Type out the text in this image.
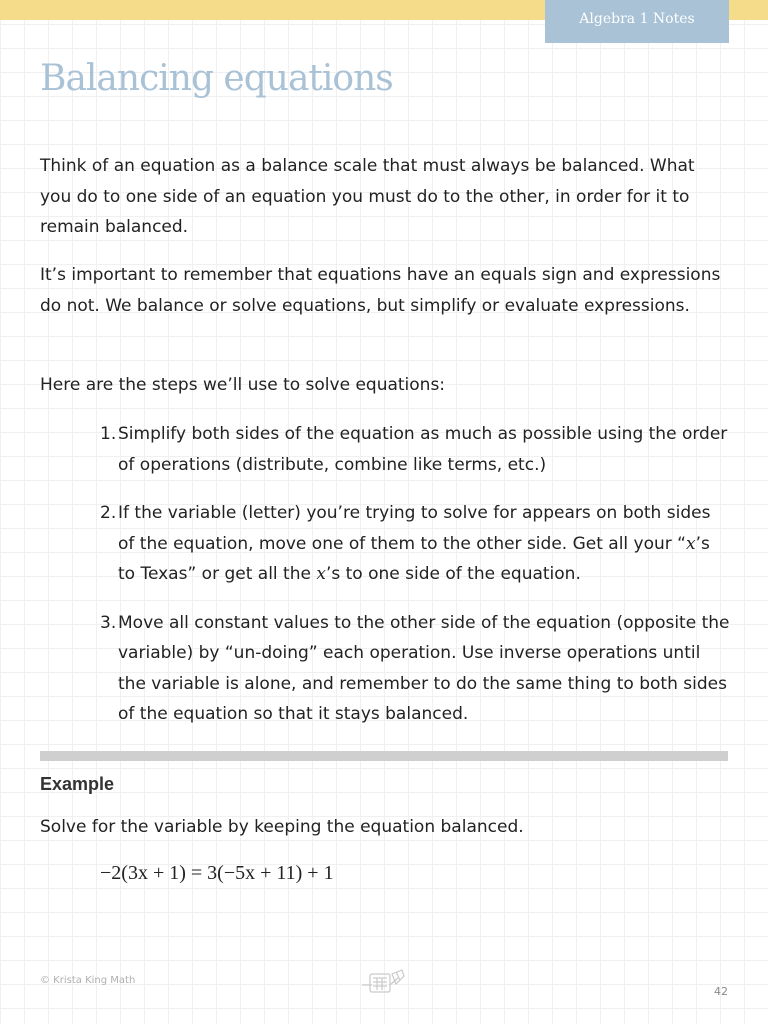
Algebra 1 Notes
Balancing equations

Think of an equation as a balance scale that must always be balanced. What you do to one side of an equation you must do to the other, in order for it to remain balanced.

It’s important to remember that equations have an equals sign and expressions do not. We balance or solve equations, but simplify or evaluate expressions.

Here are the steps we’ll use to solve equations:

1. Simplify both sides of the equation as much as possible using the order of operations (distribute, combine like terms, etc.)
2. If the variable (letter) you’re trying to solve for appears on both sides of the equation, move one of them to the other side. Get all your “x’s to Texas” or get all the x’s to one side of the equation.
3. Move all constant values to the other side of the equation (opposite the variable) by “un-doing” each operation. Use inverse operations until the variable is alone, and remember to do the same thing to both sides of the equation so that it stays balanced.
Example

Solve for the variable by keeping the equation balanced.

−2(3x + 1) = 3(−5x + 11) + 1

© Krista King Math
42
